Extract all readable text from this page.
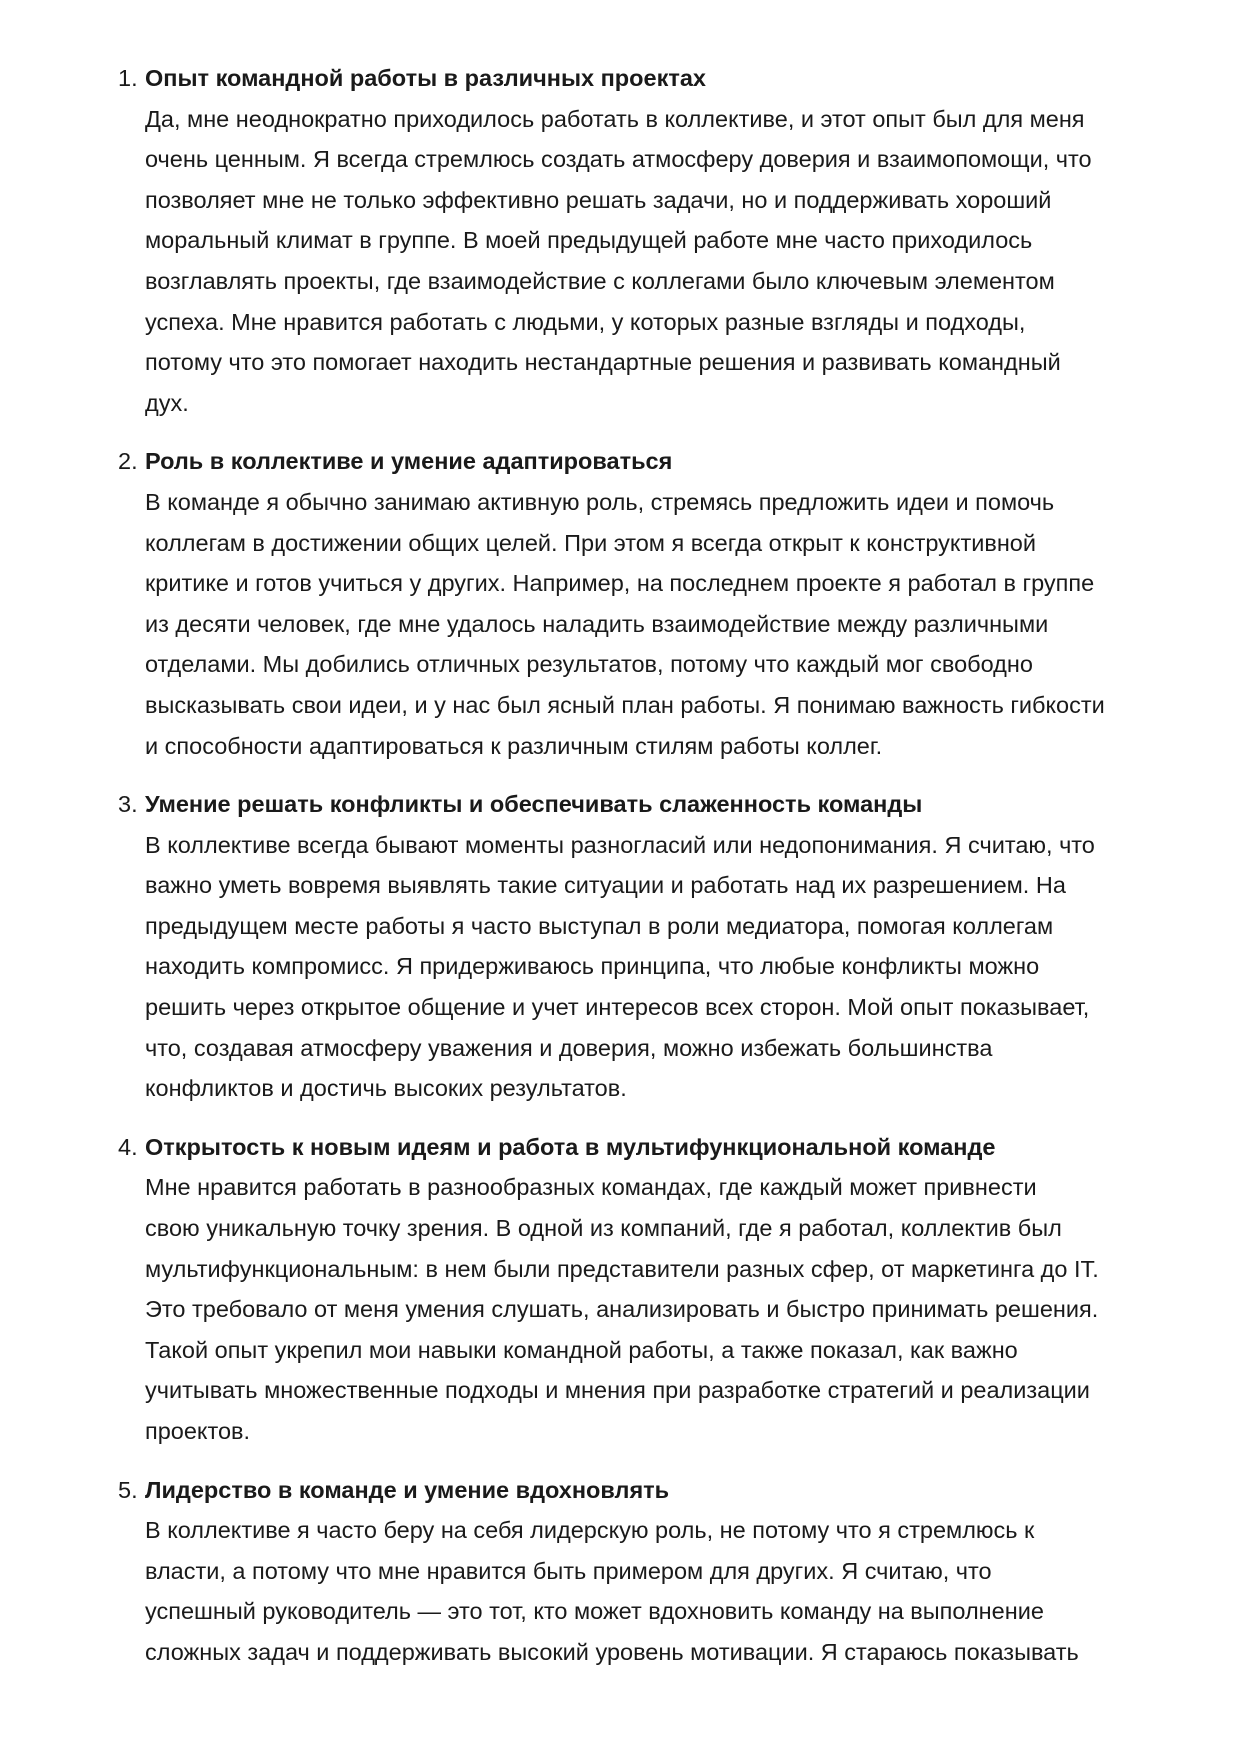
1. Опыт командной работы в различных проектах
Да, мне неоднократно приходилось работать в коллективе, и этот опыт был для меня
очень ценным. Я всегда стремлюсь создать атмосферу доверия и взаимопомощи, что
позволяет мне не только эффективно решать задачи, но и поддерживать хороший
моральный климат в группе. В моей предыдущей работе мне часто приходилось
возглавлять проекты, где взаимодействие с коллегами было ключевым элементом
успеха. Мне нравится работать с людьми, у которых разные взгляды и подходы,
потому что это помогает находить нестандартные решения и развивать командный
дух.
2. Роль в коллективе и умение адаптироваться
В команде я обычно занимаю активную роль, стремясь предложить идеи и помочь
коллегам в достижении общих целей. При этом я всегда открыт к конструктивной
критике и готов учиться у других. Например, на последнем проекте я работал в группе
из десяти человек, где мне удалось наладить взаимодействие между различными
отделами. Мы добились отличных результатов, потому что каждый мог свободно
высказывать свои идеи, и у нас был ясный план работы. Я понимаю важность гибкости
и способности адаптироваться к различным стилям работы коллег.
3. Умение решать конфликты и обеспечивать слаженность команды
В коллективе всегда бывают моменты разногласий или недопонимания. Я считаю, что
важно уметь вовремя выявлять такие ситуации и работать над их разрешением. На
предыдущем месте работы я часто выступал в роли медиатора, помогая коллегам
находить компромисс. Я придерживаюсь принципа, что любые конфликты можно
решить через открытое общение и учет интересов всех сторон. Мой опыт показывает,
что, создавая атмосферу уважения и доверия, можно избежать большинства
конфликтов и достичь высоких результатов.
4. Открытость к новым идеям и работа в мультифункциональной команде
Мне нравится работать в разнообразных командах, где каждый может привнести
свою уникальную точку зрения. В одной из компаний, где я работал, коллектив был
мультифункциональным: в нем были представители разных сфер, от маркетинга до IT.
Это требовало от меня умения слушать, анализировать и быстро принимать решения.
Такой опыт укрепил мои навыки командной работы, а также показал, как важно
учитывать множественные подходы и мнения при разработке стратегий и реализации
проектов.
5. Лидерство в команде и умение вдохновлять
В коллективе я часто беру на себя лидерскую роль, не потому что я стремлюсь к
власти, а потому что мне нравится быть примером для других. Я считаю, что
успешный руководитель — это тот, кто может вдохновить команду на выполнение
сложных задач и поддерживать высокий уровень мотивации. Я стараюсь показывать
